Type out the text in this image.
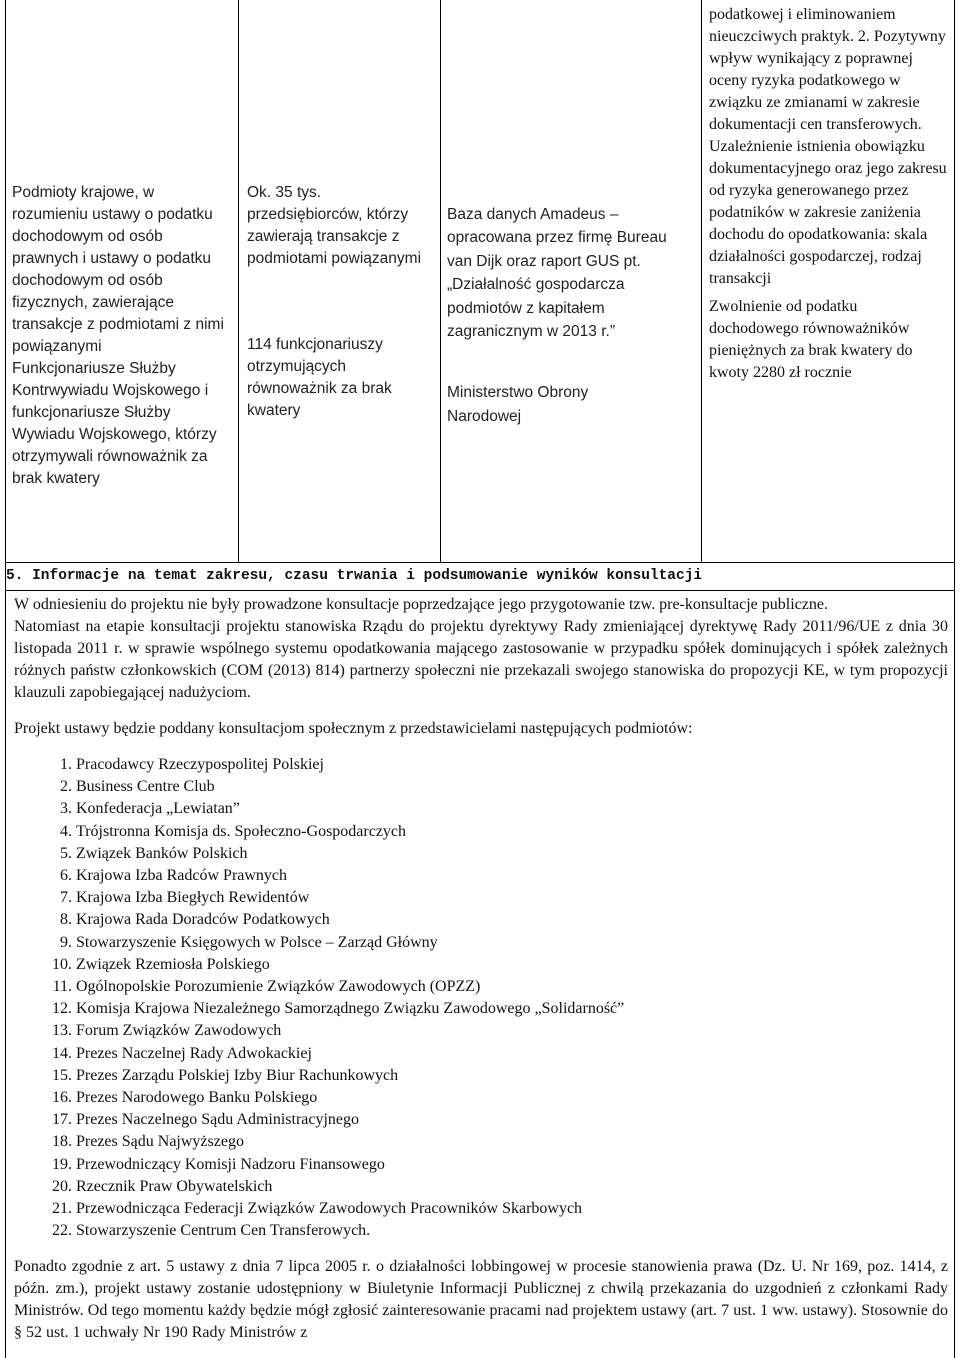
Podmioty krajowe, w rozumieniu ustawy o podatku dochodowym od osób prawnych i ustawy o podatku dochodowym od osób fizycznych, zawierające transakcje z podmiotami z nimi powiązanymi

Funkcjonariusze Służby Kontrwywiadu Wojskowego i funkcjonariusze Służby Wywiadu Wojskowego, którzy otrzymywali równoważnik za brak kwatery

Ok. 35 tys. przedsiębiorców, którzy zawierają transakcje z podmiotami powiązanymi

114 funkcjonariuszy otrzymujących równoważnik za brak kwatery

Baza danych Amadeus – opracowana przez firmę Bureau van Dijk oraz raport GUS pt. „Działalność gospodarcza podmiotów z kapitałem zagranicznym w 2013 r.”

Ministerstwo Obrony Narodowej

podatkowej i eliminowaniem nieuczciwych praktyk. 2. Pozytywny wpływ wynikający z poprawnej oceny ryzyka podatkowego w związku ze zmianami w zakresie dokumentacji cen transferowych. Uzależnienie istnienia obowiązku dokumentacyjnego oraz jego zakresu od ryzyka generowanego przez podatników w zakresie zaniżenia dochodu do opodatkowania: skala działalności gospodarczej, rodzaj transakcji

Zwolnienie od podatku dochodowego równoważników pieniężnych za brak kwatery do kwoty 2280 zł rocznie

5. Informacje na temat zakresu, czasu trwania i podsumowanie wyników konsultacji

W odniesieniu do projektu nie były prowadzone konsultacje poprzedzające jego przygotowanie tzw. pre-konsultacje publiczne.

Natomiast na etapie konsultacji projektu stanowiska Rządu do projektu dyrektywy Rady zmieniającej dyrektywę Rady 2011/96/UE z dnia 30 listopada 2011 r. w sprawie wspólnego systemu opodatkowania mającego zastosowanie w przypadku spółek dominujących i spółek zależnych różnych państw członkowskich (COM (2013) 814) partnerzy społeczni nie przekazali swojego stanowiska do propozycji KE, w tym propozycji klauzuli zapobiegającej nadużyciom.

Projekt ustawy będzie poddany konsultacjom społecznym z przedstawicielami następujących podmiotów:

1. Pracodawcy Rzeczypospolitej Polskiej
2. Business Centre Club
3. Konfederacja „Lewiatan”
4. Trójstronna Komisja ds. Społeczno-Gospodarczych
5. Związek Banków Polskich
6. Krajowa Izba Radców Prawnych
7. Krajowa Izba Biegłych Rewidentów
8. Krajowa Rada Doradców Podatkowych
9. Stowarzyszenie Księgowych w Polsce – Zarząd Główny
10. Związek Rzemiosła Polskiego
11. Ogólnopolskie Porozumienie Związków Zawodowych (OPZZ)
12. Komisja Krajowa Niezależnego Samorządnego Związku Zawodowego „Solidarność”
13. Forum Związków Zawodowych
14. Prezes Naczelnej Rady Adwokackiej
15. Prezes Zarządu Polskiej Izby Biur Rachunkowych
16. Prezes Narodowego Banku Polskiego
17. Prezes Naczelnego Sądu Administracyjnego
18. Prezes Sądu Najwyższego
19. Przewodniczący Komisji Nadzoru Finansowego
20. Rzecznik Praw Obywatelskich
21. Przewodnicząca Federacji Związków Zawodowych Pracowników Skarbowych
22. Stowarzyszenie Centrum Cen Transferowych.

Ponadto zgodnie z art. 5 ustawy z dnia 7 lipca 2005 r. o działalności lobbingowej w procesie stanowienia prawa (Dz. U. Nr 169, poz. 1414, z późn. zm.), projekt ustawy zostanie udostępniony w Biuletynie Informacji Publicznej z chwilą przekazania do uzgodnień z członkami Rady Ministrów. Od tego momentu każdy będzie mógł zgłosić zainteresowanie pracami nad projektem ustawy (art. 7 ust. 1 ww. ustawy). Stosownie do § 52 ust. 1 uchwały Nr 190 Rady Ministrów z
